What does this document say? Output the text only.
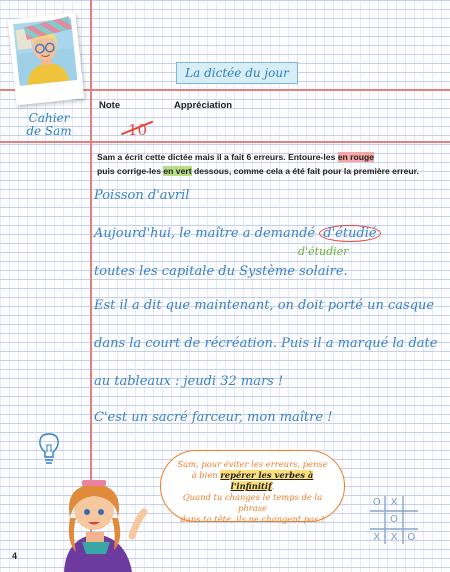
La dictée du jour
Cahier
de Sam
Note	Appréciation
10
Sam a écrit cette dictée mais il a fait 6 erreurs. Entoure-les en rouge
puis corrige-les en vert dessous, comme cela a été fait pour la première erreur.
Poisson d'avril
Aujourd'hui, le maître a demandé d'étudié
d'étudier
toutes les capitale du Système solaire.
Est il a dit que maintenant, on doit porté un casque
dans la court de récréation. Puis il a marqué la date
au tableaux : jeudi 32 mars !
C'est un sacré farceur, mon maître !

Sam, pour éviter les erreurs, pense

à bien repérer les verbes à l'infinitif.

Quand tu changes le temps de la phrase

dans ta tête, ils ne changent pas !

O X
O
X	X O
4
